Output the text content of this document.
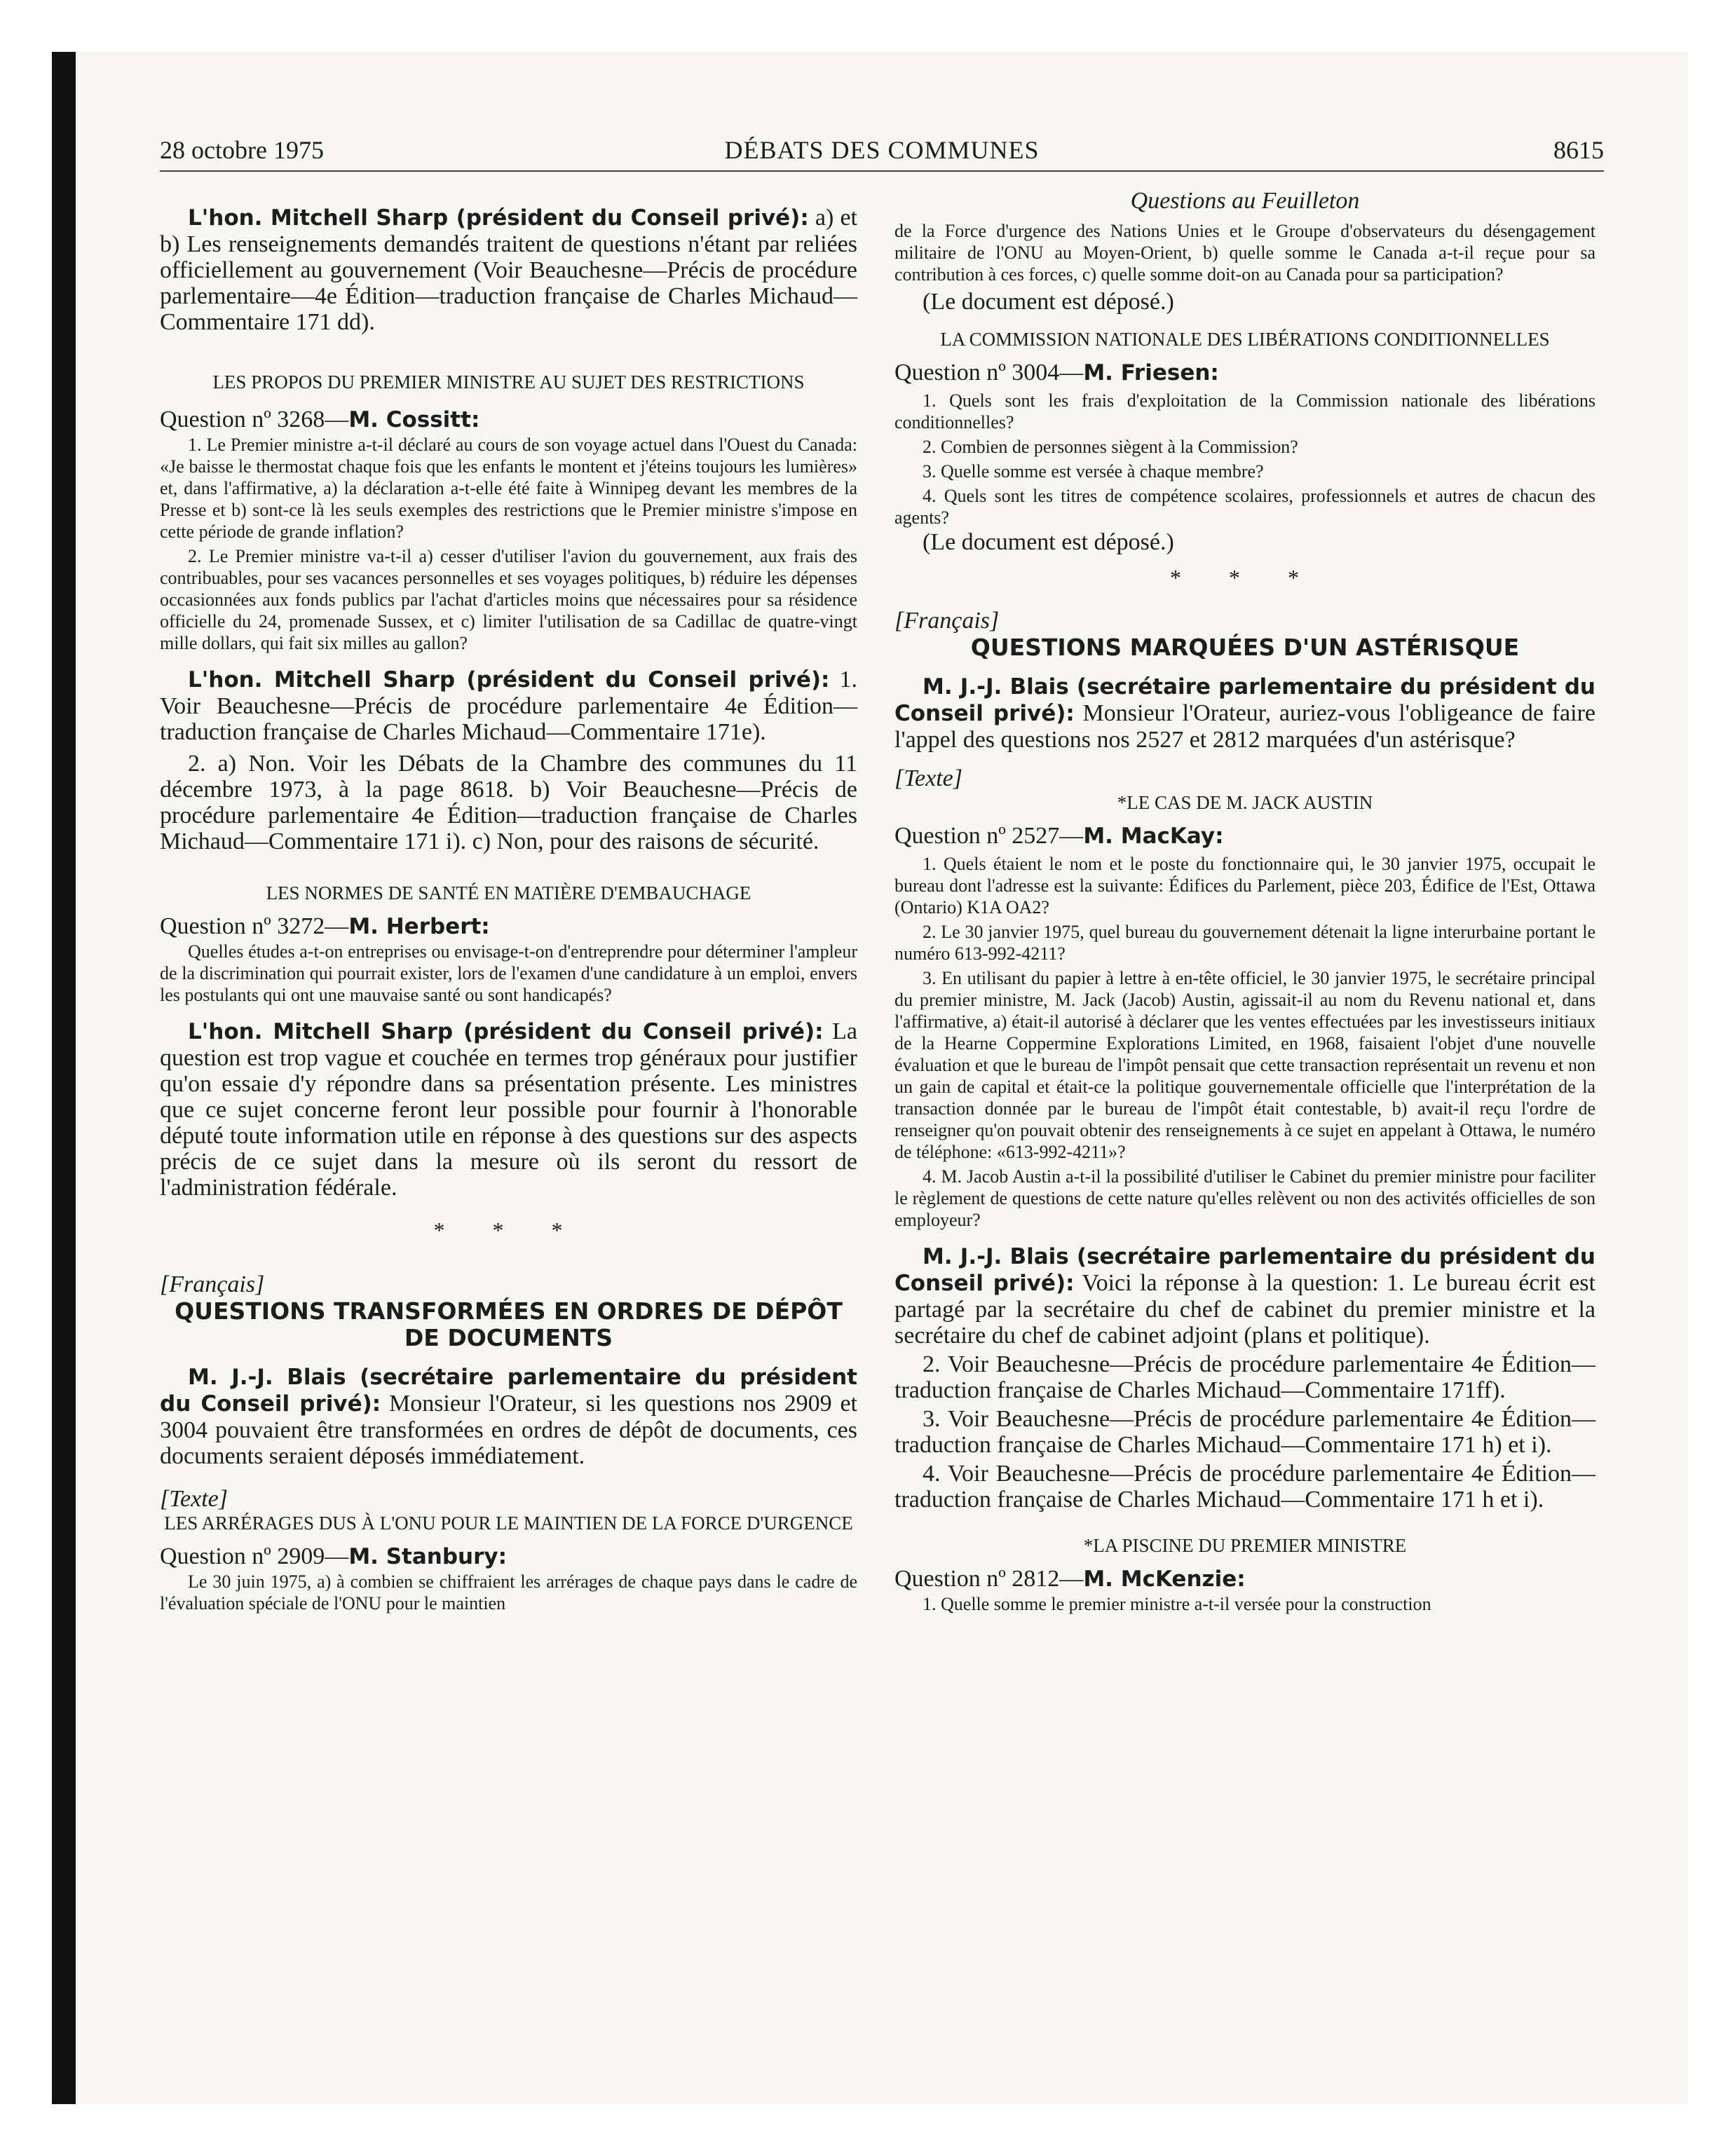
28 octobre 1975	DÉBATS DES COMMUNES	8615

L'hon. Mitchell Sharp (président du Conseil privé): a) et b) Les renseignements demandés traitent de questions n'étant par reliées officiellement au gouvernement (Voir Beauchesne—Précis de procédure parlementaire—4e Édition—traduction française de Charles Michaud—Commentaire 171 dd).

LES PROPOS DU PREMIER MINISTRE AU SUJET DES RESTRICTIONS

Question nº 3268—M. Cossitt:

1. Le Premier ministre a-t-il déclaré au cours de son voyage actuel dans l'Ouest du Canada: «Je baisse le thermostat chaque fois que les enfants le montent et j'éteins toujours les lumières» et, dans l'affirmative, a) la déclaration a-t-elle été faite à Winnipeg devant les membres de la Presse et b) sont-ce là les seuls exemples des restrictions que le Premier ministre s'impose en cette période de grande inflation?

2. Le Premier ministre va-t-il a) cesser d'utiliser l'avion du gouvernement, aux frais des contribuables, pour ses vacances personnelles et ses voyages politiques, b) réduire les dépenses occasionnées aux fonds publics par l'achat d'articles moins que nécessaires pour sa résidence officielle du 24, promenade Sussex, et c) limiter l'utilisation de sa Cadillac de quatre-vingt mille dollars, qui fait six milles au gallon?

L'hon. Mitchell Sharp (président du Conseil privé): 1. Voir Beauchesne—Précis de procédure parlementaire 4e Édition—traduction française de Charles Michaud—Commentaire 171e).

2. a) Non. Voir les Débats de la Chambre des communes du 11 décembre 1973, à la page 8618. b) Voir Beauchesne—Précis de procédure parlementaire 4e Édition—traduction française de Charles Michaud—Commentaire 171 i). c) Non, pour des raisons de sécurité.

LES NORMES DE SANTÉ EN MATIÈRE D'EMBAUCHAGE

Question nº 3272—M. Herbert:

Quelles études a-t-on entreprises ou envisage-t-on d'entreprendre pour déterminer l'ampleur de la discrimination qui pourrait exister, lors de l'examen d'une candidature à un emploi, envers les postulants qui ont une mauvaise santé ou sont handicapés?

L'hon. Mitchell Sharp (président du Conseil privé): La question est trop vague et couchée en termes trop généraux pour justifier qu'on essaie d'y répondre dans sa présentation présente. Les ministres que ce sujet concerne feront leur possible pour fournir à l'honorable député toute information utile en réponse à des questions sur des aspects précis de ce sujet dans la mesure où ils seront du ressort de l'administration fédérale.

* * *

[Français]

QUESTIONS TRANSFORMÉES EN ORDRES DE DÉPÔT DE DOCUMENTS

M. J.-J. Blais (secrétaire parlementaire du président du Conseil privé): Monsieur l'Orateur, si les questions nos 2909 et 3004 pouvaient être transformées en ordres de dépôt de documents, ces documents seraient déposés immédiatement.

[Texte]

LES ARRÉRAGES DUS À L'ONU POUR LE MAINTIEN DE LA FORCE D'URGENCE

Question nº 2909—M. Stanbury:

Le 30 juin 1975, a) à combien se chiffraient les arrérages de chaque pays dans le cadre de l'évaluation spéciale de l'ONU pour le maintien

Questions au Feuilleton

de la Force d'urgence des Nations Unies et le Groupe d'observateurs du désengagement militaire de l'ONU au Moyen-Orient, b) quelle somme le Canada a-t-il reçue pour sa contribution à ces forces, c) quelle somme doit-on au Canada pour sa participation?

(Le document est déposé.)

LA COMMISSION NATIONALE DES LIBÉRATIONS CONDITIONNELLES

Question nº 3004—M. Friesen:

1. Quels sont les frais d'exploitation de la Commission nationale des libérations conditionnelles?

2. Combien de personnes siègent à la Commission?

3. Quelle somme est versée à chaque membre?

4. Quels sont les titres de compétence scolaires, professionnels et autres de chacun des agents?

(Le document est déposé.)

* * *

[Français]

QUESTIONS MARQUÉES D'UN ASTÉRISQUE

M. J.-J. Blais (secrétaire parlementaire du président du Conseil privé): Monsieur l'Orateur, auriez-vous l'obligeance de faire l'appel des questions nos 2527 et 2812 marquées d'un astérisque?

[Texte]

*LE CAS DE M. JACK AUSTIN

Question nº 2527—M. MacKay:

1. Quels étaient le nom et le poste du fonctionnaire qui, le 30 janvier 1975, occupait le bureau dont l'adresse est la suivante: Édifices du Parlement, pièce 203, Édifice de l'Est, Ottawa (Ontario) K1A OA2?

2. Le 30 janvier 1975, quel bureau du gouvernement détenait la ligne interurbaine portant le numéro 613-992-4211?

3. En utilisant du papier à lettre à en-tête officiel, le 30 janvier 1975, le secrétaire principal du premier ministre, M. Jack (Jacob) Austin, agissait-il au nom du Revenu national et, dans l'affirmative, a) était-il autorisé à déclarer que les ventes effectuées par les investisseurs initiaux de la Hearne Coppermine Explorations Limited, en 1968, faisaient l'objet d'une nouvelle évaluation et que le bureau de l'impôt pensait que cette transaction représentait un revenu et non un gain de capital et était-ce la politique gouvernementale officielle que l'interprétation de la transaction donnée par le bureau de l'impôt était contestable, b) avait-il reçu l'ordre de renseigner qu'on pouvait obtenir des renseignements à ce sujet en appelant à Ottawa, le numéro de téléphone: «613-992-4211»?

4. M. Jacob Austin a-t-il la possibilité d'utiliser le Cabinet du premier ministre pour faciliter le règlement de questions de cette nature qu'elles relèvent ou non des activités officielles de son employeur?

M. J.-J. Blais (secrétaire parlementaire du président du Conseil privé): Voici la réponse à la question: 1. Le bureau écrit est partagé par la secrétaire du chef de cabinet du premier ministre et la secrétaire du chef de cabinet adjoint (plans et politique).

2. Voir Beauchesne—Précis de procédure parlementaire 4e Édition—traduction française de Charles Michaud—Commentaire 171ff).

3. Voir Beauchesne—Précis de procédure parlementaire 4e Édition—traduction française de Charles Michaud—Commentaire 171 h) et i).

4. Voir Beauchesne—Précis de procédure parlementaire 4e Édition—traduction française de Charles Michaud—Commentaire 171 h et i).

*LA PISCINE DU PREMIER MINISTRE

Question nº 2812—M. McKenzie:

1. Quelle somme le premier ministre a-t-il versée pour la construction
